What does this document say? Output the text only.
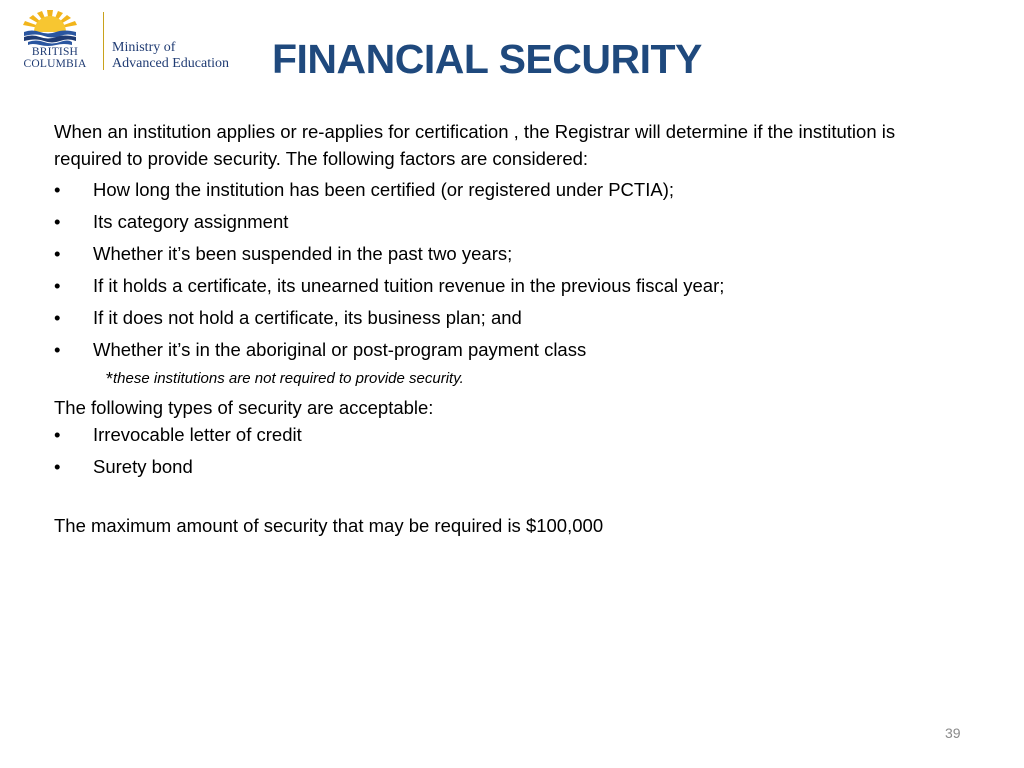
BRITISH
COLUMBIA
Ministry of
Advanced Education FINANCIAL SECURITY

When an institution applies or re-applies for certification , the Registrar will determine if the institution is required to provide security. The following factors are considered:

• How long the institution has been certified (or registered under PCTIA);
• Its category assignment
• Whether it’s been suspended in the past two years;
• If it holds a certificate, its unearned tuition revenue in the previous fiscal year;
• If it does not hold a certificate, its business plan; and
• Whether it’s in the aboriginal or post-program payment class

*these institutions are not required to provide security.

The following types of security are acceptable:

• Irrevocable letter of credit
• Surety bond

The maximum amount of security that may be required is $100,000

39
